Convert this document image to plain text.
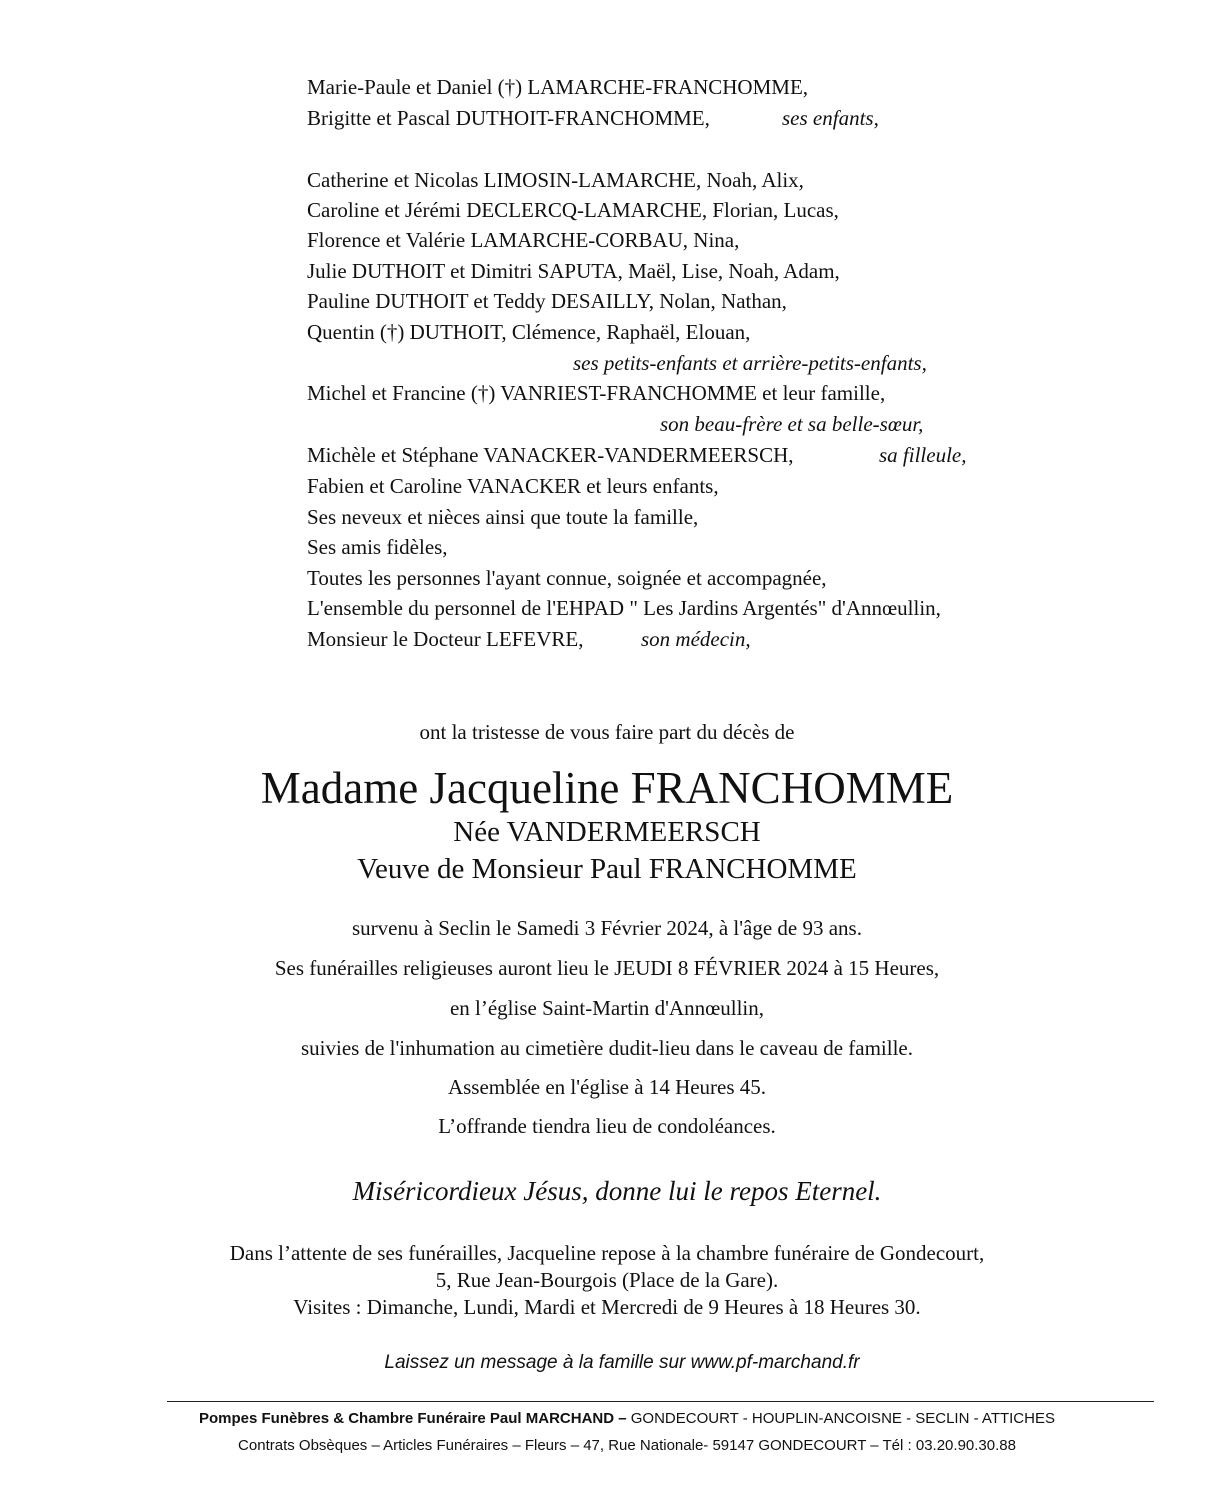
Marie-Paule et Daniel (†) LAMARCHE-FRANCHOMME,
Brigitte et Pascal DUTHOIT-FRANCHOMME,	ses enfants,
Catherine et Nicolas LIMOSIN-LAMARCHE, Noah, Alix,
Caroline et Jérémi DECLERCQ-LAMARCHE, Florian, Lucas,
Florence et Valérie LAMARCHE-CORBAU, Nina,
Julie DUTHOIT et Dimitri SAPUTA, Maël, Lise, Noah, Adam,
Pauline DUTHOIT et Teddy DESAILLY, Nolan, Nathan,
Quentin (†) DUTHOIT, Clémence, Raphaël, Elouan,
ses petits-enfants et arrière-petits-enfants,
Michel et Francine (†) VANRIEST-FRANCHOMME et leur famille,
son beau-frère et sa belle-sœur,
Michèle et Stéphane VANACKER-VANDERMEERSCH,	sa filleule,
Fabien et Caroline VANACKER et leurs enfants,
Ses neveux et nièces ainsi que toute la famille,
Ses amis fidèles,
Toutes les personnes l'ayant connue, soignée et accompagnée,
L'ensemble du personnel de l'EHPAD " Les Jardins Argentés" d'Annœullin,
Monsieur le Docteur LEFEVRE,	son médecin,
ont la tristesse de vous faire part du décès de
Madame Jacqueline FRANCHOMME
Née VANDERMEERSCH
Veuve de Monsieur Paul FRANCHOMME
survenu à Seclin le Samedi 3 Février 2024, à l'âge de 93 ans.
Ses funérailles religieuses auront lieu le JEUDI 8 FÉVRIER 2024 à 15 Heures,
en l’église Saint-Martin d'Annœullin,
suivies de l'inhumation au cimetière dudit-lieu dans le caveau de famille.
Assemblée en l'église à 14 Heures 45.
L’offrande tiendra lieu de condoléances.
Miséricordieux Jésus, donne lui le repos Eternel.
Dans l’attente de ses funérailles, Jacqueline repose à la chambre funéraire de Gondecourt,
5, Rue Jean-Bourgois (Place de la Gare).
Visites : Dimanche, Lundi, Mardi et Mercredi de 9 Heures à 18 Heures 30.
Laissez un message à la famille sur www.pf-marchand.fr
Pompes Funèbres & Chambre Funéraire Paul MARCHAND – GONDECOURT - HOUPLIN-ANCOISNE - SECLIN - ATTICHES
Contrats Obsèques – Articles Funéraires – Fleurs – 47, Rue Nationale- 59147 GONDECOURT – Tél : 03.20.90.30.88
